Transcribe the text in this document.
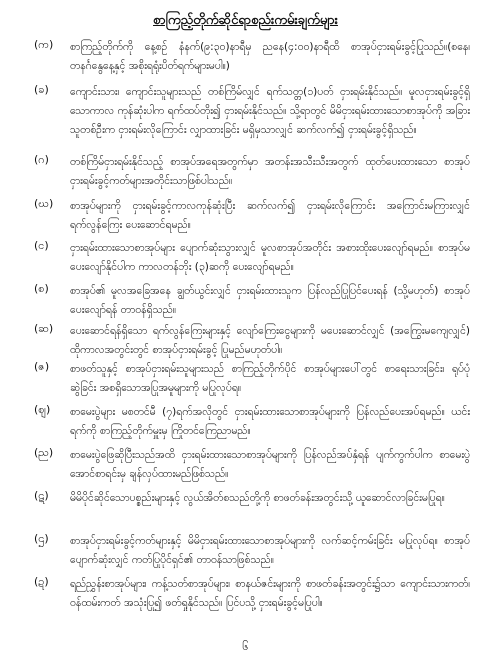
စာကြည့်တိုက်ဆိုင်ရာစည်းကမ်းချက်များ
(က) စာကြည့်တိုက်ကို နေ့စဉ် နံနက်(၉:၃၀)နာရီမှ ညနေ(၄:၀၀)နာရီထိ စာအုပ်ငှားရမ်းခွင့်ပြုသည်။(စနေ၊ တနင်္ဂနွေနေ့နှင့် အစိုးရရုံးပိတ်ရက်များမပါ။)
(ခ) ကျောင်းသား၊ ကျောင်းသူများသည် တစ်ကြိမ်လျှင် ရက်သတ္တ(၁)ပတ် ငှားရမ်းနိုင်သည်။ မူလငှားရမ်းခွင့်ရှိသောကာလ ကုန်ဆုံးပါက ရက်ထပ်တိုး၍ ငှားရမ်းနိုင်သည်။ သို့ရာတွင် မိမိငှားရမ်းထားသောစာအုပ်ကို အခြားသူတစ်ဦးက ငှားရမ်းလိုကြောင်း လျှာထားခြင်း မရှိမှသာလျှင် ဆက်လက်၍ ငှားရမ်းခွင့်ရှိသည်။
(ဂ) တစ်ကြိမ်ငှားရမ်းနိုင်သည့် စာအုပ်အရေအတွက်မှာ အတန်းအသီးသီးအတွက် ထုတ်ပေးထားသော စာအုပ်ငှားရမ်းခွင့်ကတ်များအတိုင်းသာဖြစ်ပါသည်။
(ဃ) စာအုပ်များကို ငှားရမ်းခွင့်ကာလကုန်ဆုံးပြီး ဆက်လက်၍ ငှားရမ်းလိုကြောင်း အကြောင်းမကြားလျှင် ရက်လွန်ကြေး ပေးဆောင်ရမည်။
(င) ငှားရမ်းထားသောစာအုပ်များ ပျောက်ဆုံးသွားလျှင် မူလစာအုပ်အတိုင်း အစားထိုးပေးလျော်ရမည်။ စာအုပ်မပေးလျော်နိုင်ပါက ကာလတန်ဘိုး (၃)ဆကို ပေးလျော်ရမည်။
(စ) စာအုပ်၏ မူလအခြေအနေ ချွတ်ယွင်းလျှင် ငှားရမ်းထားသူက ပြန်လည်ပြုပြင်ပေးရန် (သို့မဟုတ်) စာအုပ်ပေးလျော်ရန် တာဝန်ရှိသည်။
(ဆ) ပေးဆောင်ရန်ရှိသော ရက်လွန်ကြေးများနှင့် လျော်ကြေးငွေများကို မပေးဆောင်လျှင် (အကြွေးမကျေလျှင်) ထိုကာလအတွင်းတွင် စာအုပ်ငှားရမ်းခွင့် ပြုမည်မဟုတ်ပါ။
(ဇ) စာဖတ်သူနှင့် စာအုပ်ငှားရမ်းသူများသည် စာကြည့်တိုက်ပိုင် စာအုပ်များပေါ်တွင် စာရေးသားခြင်း၊ ရုပ်ပုံဆွဲခြင်း အစရှိသောအပြုအမူများကို မပြုလုပ်ရ။
(ဈ) စာမေးပွဲများ မစတင်မီ (၇)ရက်အလိုတွင် ငှားရမ်းထားသောစာအုပ်များကို ပြန်လည်ပေးအပ်ရမည်။ ယင်းရက်ကို စာကြည့်တိုက်မှူးမှ ကြိုတင်ကြေညာမည်။
(ည) စာမေးပွဲဖြေဆိုပြီးသည်အထိ ငှားရမ်းထားသောစာအုပ်များကို ပြန်လည်အပ်နှံရန် ပျက်ကွက်ပါက စာမေးပွဲအောင်စာရင်းမှ ချန်လှပ်ထားမည်ဖြစ်သည်။
(ဋ) မိမိပိုင်ဆိုင်သောပစ္စည်းများနှင့် လွယ်အိတ်စသည်တို့ကို စာဖတ်ခန်းအတွင်းသို့ ယူဆောင်လာခြင်းမပြုရ။
(ဌ) စာအုပ်ငှားရမ်းခွင့်ကတ်များနှင့် မိမိငှားရမ်းထားသောစာအုပ်များကို လက်ဆင့်ကမ်းခြင်း မပြုလုပ်ရ။ စာအုပ်ပျောက်ဆုံးလျှင် ကတ်ပြုပိုင်ရှင်၏ တာဝန်သာဖြစ်သည်။
(ဍ) ရည်ညွှန်းစာအုပ်များ၊ ကန့်သတ်စာအုပ်များ၊ စာနယ်ဇင်းများကို စာဖတ်ခန်းအတွင်း၌သာ ကျောင်းသားကတ်၊ ဝန်ထမ်းကတ် အသုံးပြု၍ ဖတ်ရှုနိုင်သည်။ ပြင်ပသို့ ငှားရမ်းခွင့်မပြုပါ။
၆
